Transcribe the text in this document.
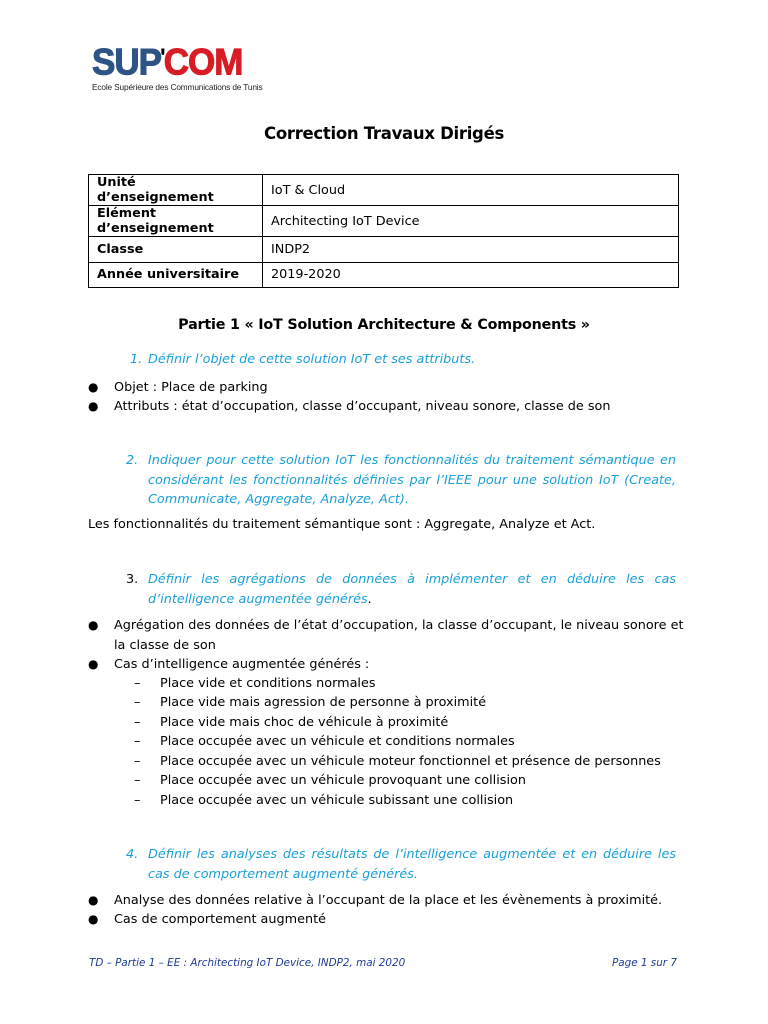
SUP'COM
Ecole Supérieure des Communications de Tunis
Correction Travaux Dirigés
Unité d’enseignement	IoT & Cloud
Elément d’enseignement	Architecting IoT Device
Classe	INDP2
Année universitaire	2019-2020
Partie 1 « IoT Solution Architecture & Components »
1. Définir l’objet de cette solution IoT et ses attributs.
● Objet : Place de parking
● Attributs : état d’occupation, classe d’occupant, niveau sonore, classe de son
2. Indiquer pour cette solution IoT les fonctionnalités du traitement sémantique en considérant les fonctionnalités définies par l’IEEE pour une solution IoT (Create, Communicate, Aggregate, Analyze, Act).
Les fonctionnalités du traitement sémantique sont : Aggregate, Analyze et Act.
3. Définir les agrégations de données à implémenter et en déduire les cas d’intelligence augmentée générés.
● Agrégation des données de l’état d’occupation, la classe d’occupant, le niveau sonore et
la classe de son
● Cas d’intelligence augmentée générés :
– Place vide et conditions normales
– Place vide mais agression de personne à proximité
– Place vide mais choc de véhicule à proximité
– Place occupée avec un véhicule et conditions normales
– Place occupée avec un véhicule moteur fonctionnel et présence de personnes
– Place occupée avec un véhicule provoquant une collision
– Place occupée avec un véhicule subissant une collision
4. Définir les analyses des résultats de l’intelligence augmentée et en déduire les cas de comportement augmenté générés.
● Analyse des données relative à l’occupant de la place et les évènements à proximité.
● Cas de comportement augmenté
TD – Partie 1 – EE : Architecting IoT Device, INDP2, mai 2020	Page 1 sur 7
